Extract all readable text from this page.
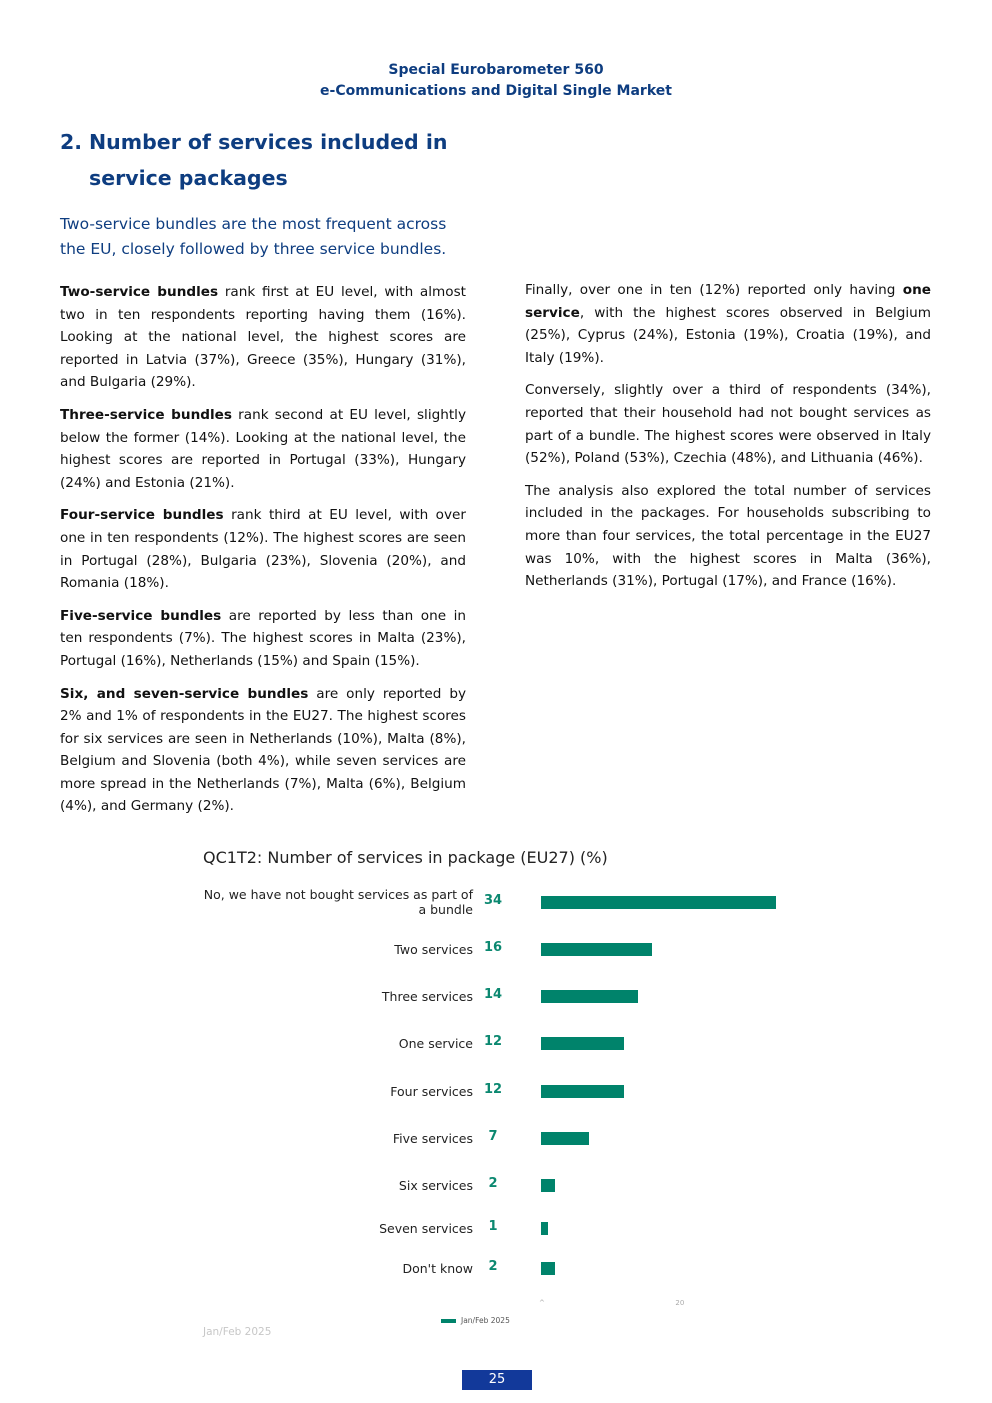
Special Eurobarometer 560
e-Communications and Digital Single Market
2. Number of services included in service packages

Two-service bundles are the most frequent across the EU, closely followed by three service bundles.

Two-service bundles rank first at EU level, with almost two in ten respondents reporting having them (16%). Looking at the national level, the highest scores are reported in Latvia (37%), Greece (35%), Hungary (31%), and Bulgaria (29%).

Three-service bundles rank second at EU level, slightly below the former (14%). Looking at the national level, the highest scores are reported in Portugal (33%), Hungary (24%) and Estonia (21%).

Four-service bundles rank third at EU level, with over one in ten respondents (12%). The highest scores are seen in Portugal (28%), Bulgaria (23%), Slovenia (20%), and Romania (18%).

Five-service bundles are reported by less than one in ten respondents (7%). The highest scores in Malta (23%), Portugal (16%), Netherlands (15%) and Spain (15%).

Six, and seven-service bundles are only reported by 2% and 1% of respondents in the EU27. The highest scores for six services are seen in Netherlands (10%), Malta (8%), Belgium and Slovenia (both 4%), while seven services are more spread in the Netherlands (7%), Malta (6%), Belgium (4%), and Germany (2%).

Finally, over one in ten (12%) reported only having one service, with the highest scores observed in Belgium (25%), Cyprus (24%), Estonia (19%), Croatia (19%), and Italy (19%).

Conversely, slightly over a third of respondents (34%), reported that their household had not bought services as part of a bundle. The highest scores were observed in Italy (52%), Poland (53%), Czechia (48%), and Lithuania (46%).

The analysis also explored the total number of services included in the packages. For households subscribing to more than four services, the total percentage in the EU27 was 10%, with the highest scores in Malta (36%), Netherlands (31%), Portugal (17%), and France (16%).

QC1T2: Number of services in package (EU27) (%)
^	20
Jan/Feb 2025
Jan/Feb 2025
No, we have not bought services as part of a bundle
34
Two services 16
Three services 14
One service 12
Four services 12
Five services	7
Six services	2
Seven services	1
Don't know	2
25
